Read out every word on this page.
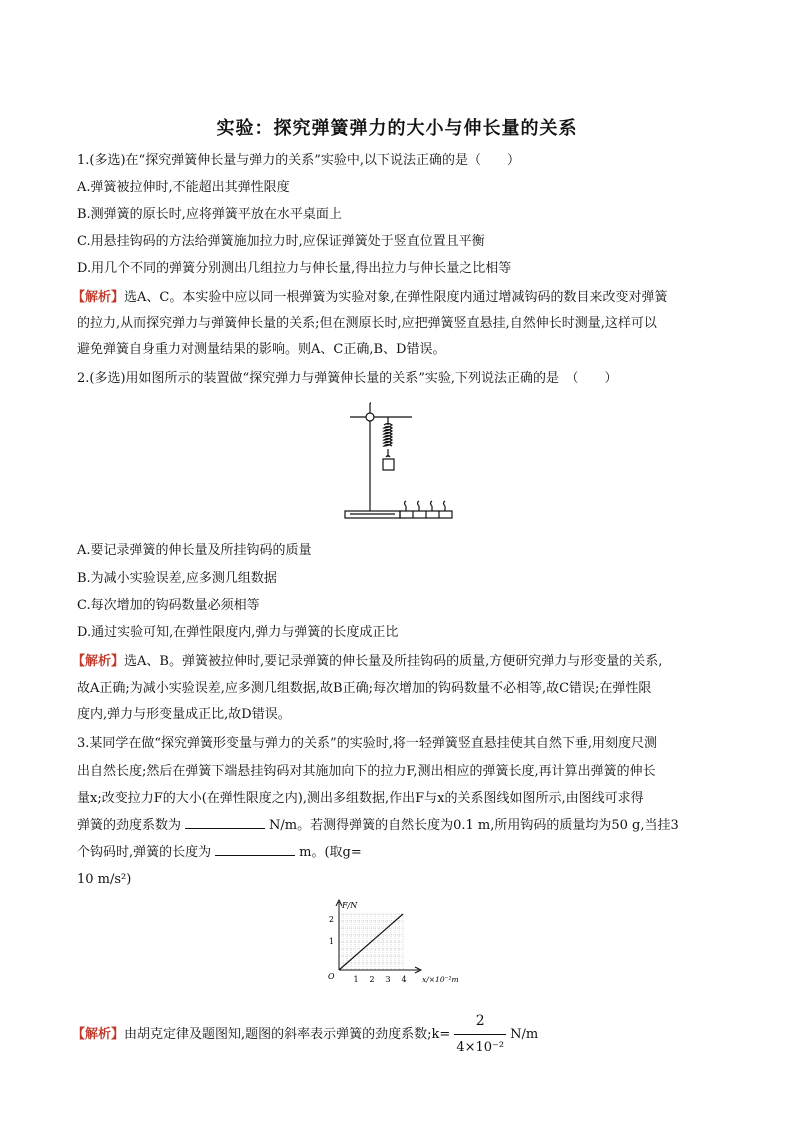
实验：探究弹簧弹力的大小与伸长量的关系
1.(多选)在“探究弹簧伸长量与弹力的关系”实验中,以下说法正确的是（　　）
A.弹簧被拉伸时,不能超出其弹性限度
B.测弹簧的原长时,应将弹簧平放在水平桌面上
C.用悬挂钩码的方法给弹簧施加拉力时,应保证弹簧处于竖直位置且平衡
D.用几个不同的弹簧分别测出几组拉力与伸长量,得出拉力与伸长量之比相等
【解析】选A、C。本实验中应以同一根弹簧为实验对象,在弹性限度内通过增减钩码的数目来改变对弹簧
的拉力,从而探究弹力与弹簧伸长量的关系;但在测原长时,应把弹簧竖直悬挂,自然伸长时测量,这样可以
避免弹簧自身重力对测量结果的影响。则A、C正确,B、D错误。
2.(多选)用如图所示的装置做“探究弹力与弹簧伸长量的关系”实验,下列说法正确的是　（　　）
A.要记录弹簧的伸长量及所挂钩码的质量
B.为减小实验误差,应多测几组数据
C.每次增加的钩码数量必须相等
D.通过实验可知,在弹性限度内,弹力与弹簧的长度成正比
【解析】选A、B。弹簧被拉伸时,要记录弹簧的伸长量及所挂钩码的质量,方便研究弹力与形变量的关系,
故A正确;为减小实验误差,应多测几组数据,故B正确;每次增加的钩码数量不必相等,故C错误;在弹性限
度内,弹力与形变量成正比,故D错误。
3.某同学在做“探究弹簧形变量与弹力的关系”的实验时,将一轻弹簧竖直悬挂使其自然下垂,用刻度尺测
出自然长度;然后在弹簧下端悬挂钩码对其施加向下的拉力F,测出相应的弹簧长度,再计算出弹簧的伸长
量x;改变拉力F的大小(在弹性限度之内),测出多组数据,作出F与x的关系图线如图所示,由图线可求得
弹簧的劲度系数为	N/m。若测得弹簧的自然长度为0.1 m,所用钩码的质量均为50 g,当挂3
个钩码时,弹簧的长度为	m。(取g=
10 m/s²)
F/N
1
2
O 1 2 3 4 x/×10⁻²m
【解析】由胡克定律及题图知,题图的斜率表示弹簧的劲度系数;k= $\frac{2}{\text{4×10⁻²}} N/m$
